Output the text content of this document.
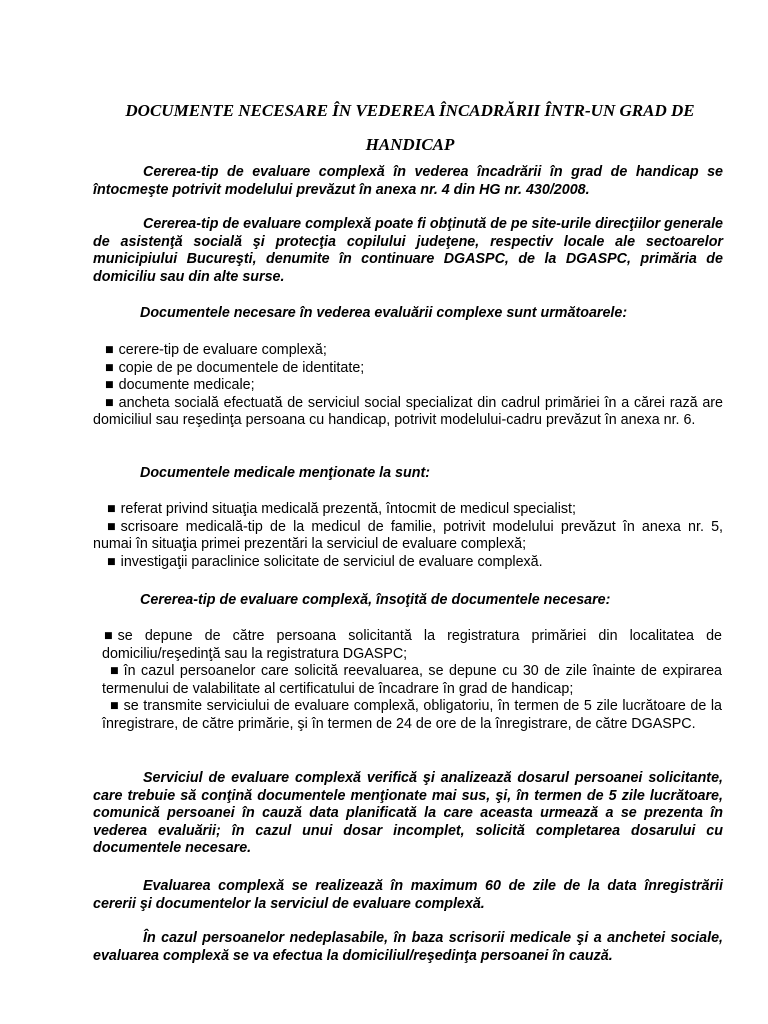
DOCUMENTE NECESARE ÎN VEDEREA ÎNCADRĂRII ÎNTR-UN GRAD DE HANDICAP

Cererea-tip de evaluare complexă în vederea încadrării în grad de handicap se întocmeşte potrivit modelului prevăzut în anexa nr. 4 din HG nr. 430/2008.

Cererea-tip de evaluare complexă poate fi obţinută de pe site-urile direcţiilor generale de asistenţă socială şi protecţia copilului judeţene, respectiv locale ale sectoarelor municipiului Bucureşti, denumite în continuare DGASPC, de la DGASPC, primăria de domiciliu sau din alte surse.

Documentele necesare în vederea evaluării complexe sunt următoarele:

■ cerere-tip de evaluare complexă;
■ copie de pe documentele de identitate;
■ documente medicale;
■ ancheta socială efectuată de serviciul social specializat din cadrul primăriei în a cărei rază are domiciliul sau reşedinţa persoana cu handicap, potrivit modelului-cadru prevăzut în anexa nr. 6.

Documentele medicale menţionate la sunt:

■ referat privind situaţia medicală prezentă, întocmit de medicul specialist;
■ scrisoare medicală-tip de la medicul de familie, potrivit modelului prevăzut în anexa nr. 5, numai în situaţia primei prezentări la serviciul de evaluare complexă;
■ investigaţii paraclinice solicitate de serviciul de evaluare complexă.

Cererea-tip de evaluare complexă, însoţită de documentele necesare:

■ se depune de către persoana solicitantă la registratura primăriei din localitatea de domiciliu/reşedinţă sau la registratura DGASPC;
■ în cazul persoanelor care solicită reevaluarea, se depune cu 30 de zile înainte de expirarea termenului de valabilitate al certificatului de încadrare în grad de handicap;
■ se transmite serviciului de evaluare complexă, obligatoriu, în termen de 5 zile lucrătoare de la înregistrare, de către primărie, şi în termen de 24 de ore de la înregistrare, de către DGASPC.

Serviciul de evaluare complexă verifică şi analizează dosarul persoanei solicitante, care trebuie să conţină documentele menţionate mai sus, şi, în termen de 5 zile lucrătoare, comunică persoanei în cauză data planificată la care aceasta urmează a se prezenta în vederea evaluării; în cazul unui dosar incomplet, solicită completarea dosarului cu documentele necesare.

Evaluarea complexă se realizează în maximum 60 de zile de la data înregistrării cererii şi documentelor la serviciul de evaluare complexă.

În cazul persoanelor nedeplasabile, în baza scrisorii medicale şi a anchetei sociale, evaluarea complexă se va efectua la domiciliul/reşedinţa persoanei în cauză.
